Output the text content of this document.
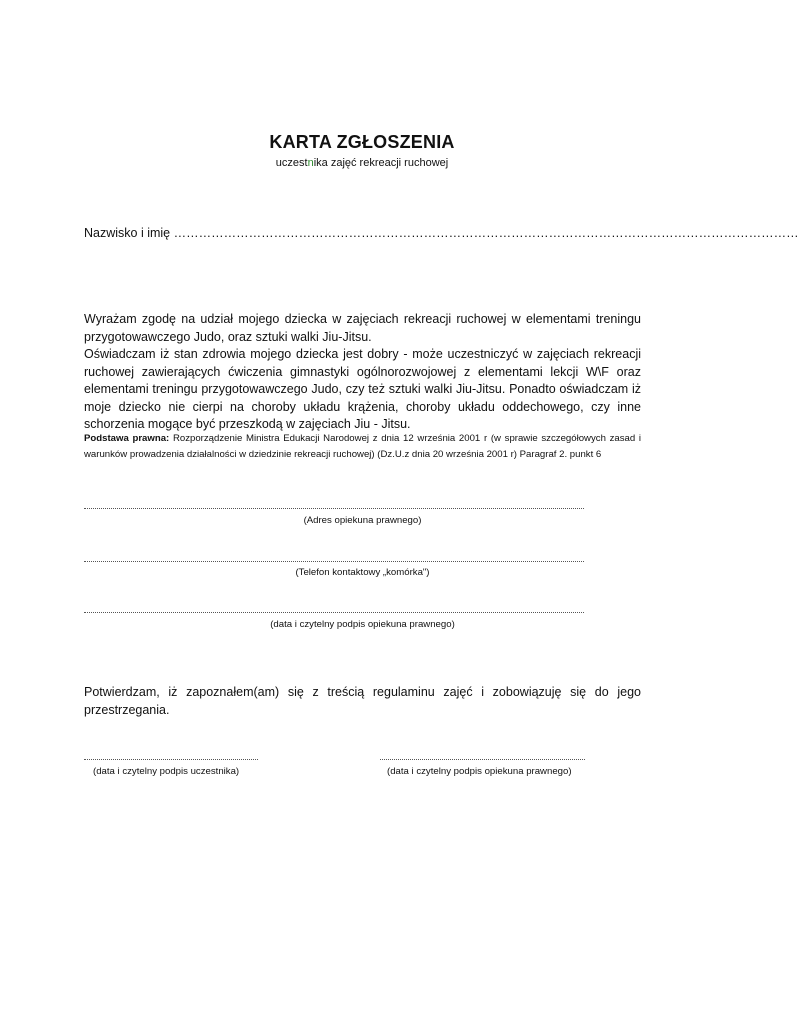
KARTA ZGŁOSZENIA
uczestnika zajęć rekreacji ruchowej
Nazwisko i imię ……………………………………………………………………………………………………………………………………

Wyrażam zgodę na udział mojego dziecka w zajęciach rekreacji ruchowej w elementami treningu przygotowawczego Judo, oraz sztuki walki Jiu-Jitsu.

Oświadczam iż stan zdrowia mojego dziecka jest dobry - może uczestniczyć w zajęciach rekreacji ruchowej zawierających ćwiczenia gimnastyki ogólnorozwojowej z elementami lekcji W\F oraz elementami treningu przygotowawczego Judo, czy też sztuki walki Jiu-Jitsu. Ponadto oświadczam iż moje dziecko nie cierpi na choroby układu krążenia, choroby układu oddechowego, czy inne schorzenia mogące być przeszkodą w zajęciach Jiu - Jitsu.

Podstawa prawna: Rozporządzenie Ministra Edukacji Narodowej z dnia 12 września 2001 r (w sprawie szczegółowych zasad i warunków prowadzenia działalności w dziedzinie rekreacji ruchowej) (Dz.U.z dnia 20 września 2001 r) Paragraf 2. punkt 6
(Adres opiekuna prawnego)
(Telefon kontaktowy „komórka")
(data i czytelny podpis opiekuna prawnego)

Potwierdzam, iż zapoznałem(am) się z treścią regulaminu zajęć i zobowiązuję się do jego przestrzegania.

(data i czytelny podpis uczestnika)	(data i czytelny podpis opiekuna prawnego)
